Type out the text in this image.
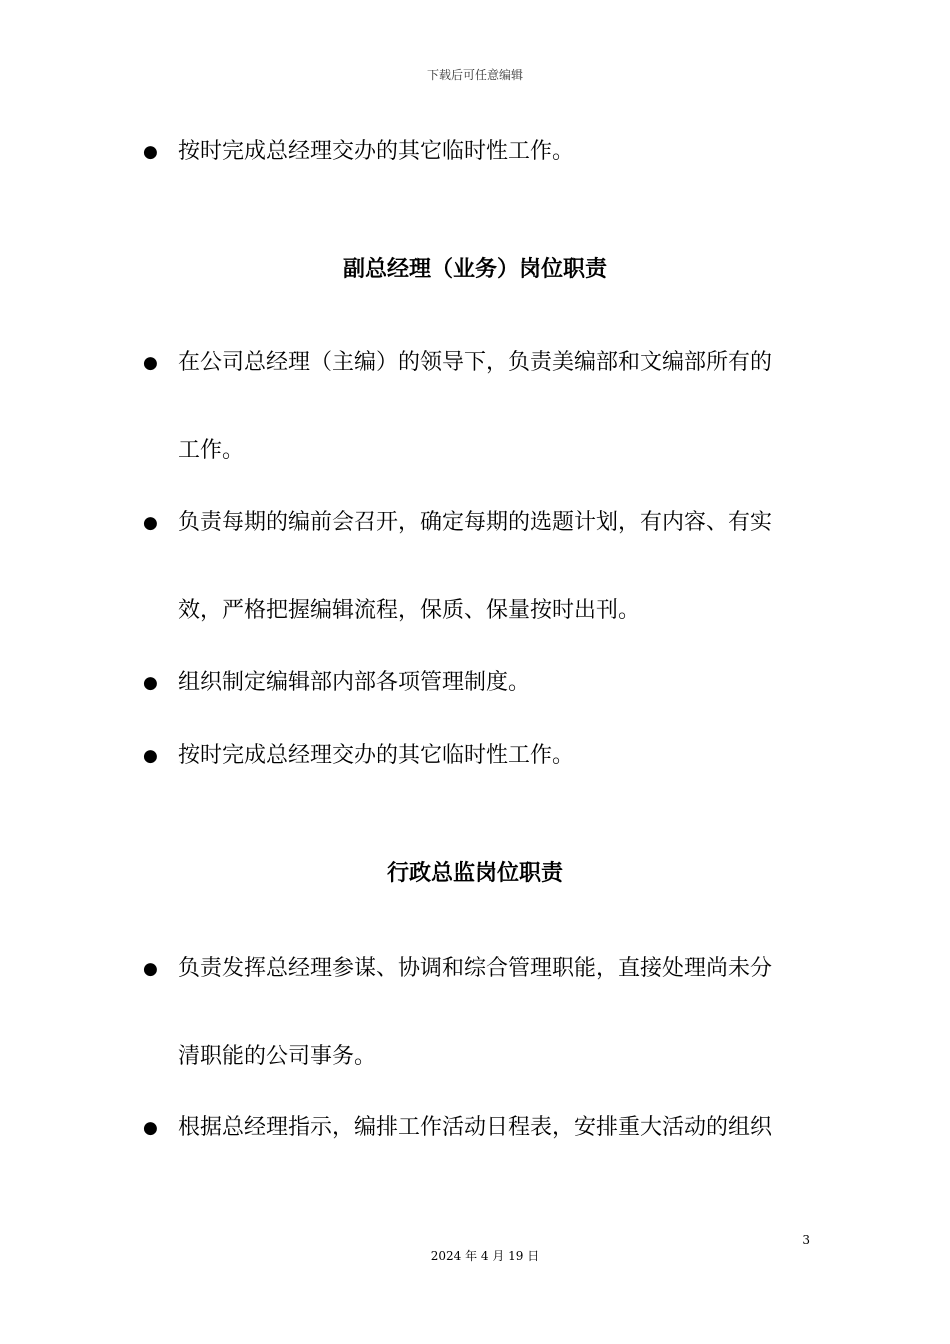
下载后可任意编辑
● 按时完成总经理交办的其它临时性工作。
副总经理（业务）岗位职责
● 在公司总经理（主编）的领导下，负责美编部和文编部所有的
工作。
● 负责每期的编前会召开，确定每期的选题计划，有内容、有实
效，严格把握编辑流程，保质、保量按时出刊。
● 组织制定编辑部内部各项管理制度。
● 按时完成总经理交办的其它临时性工作。
行政总监岗位职责
● 负责发挥总经理参谋、协调和综合管理职能，直接处理尚未分
清职能的公司事务。
● 根据总经理指示，编排工作活动日程表，安排重大活动的组织
3
2024 年 4 月 19 日
